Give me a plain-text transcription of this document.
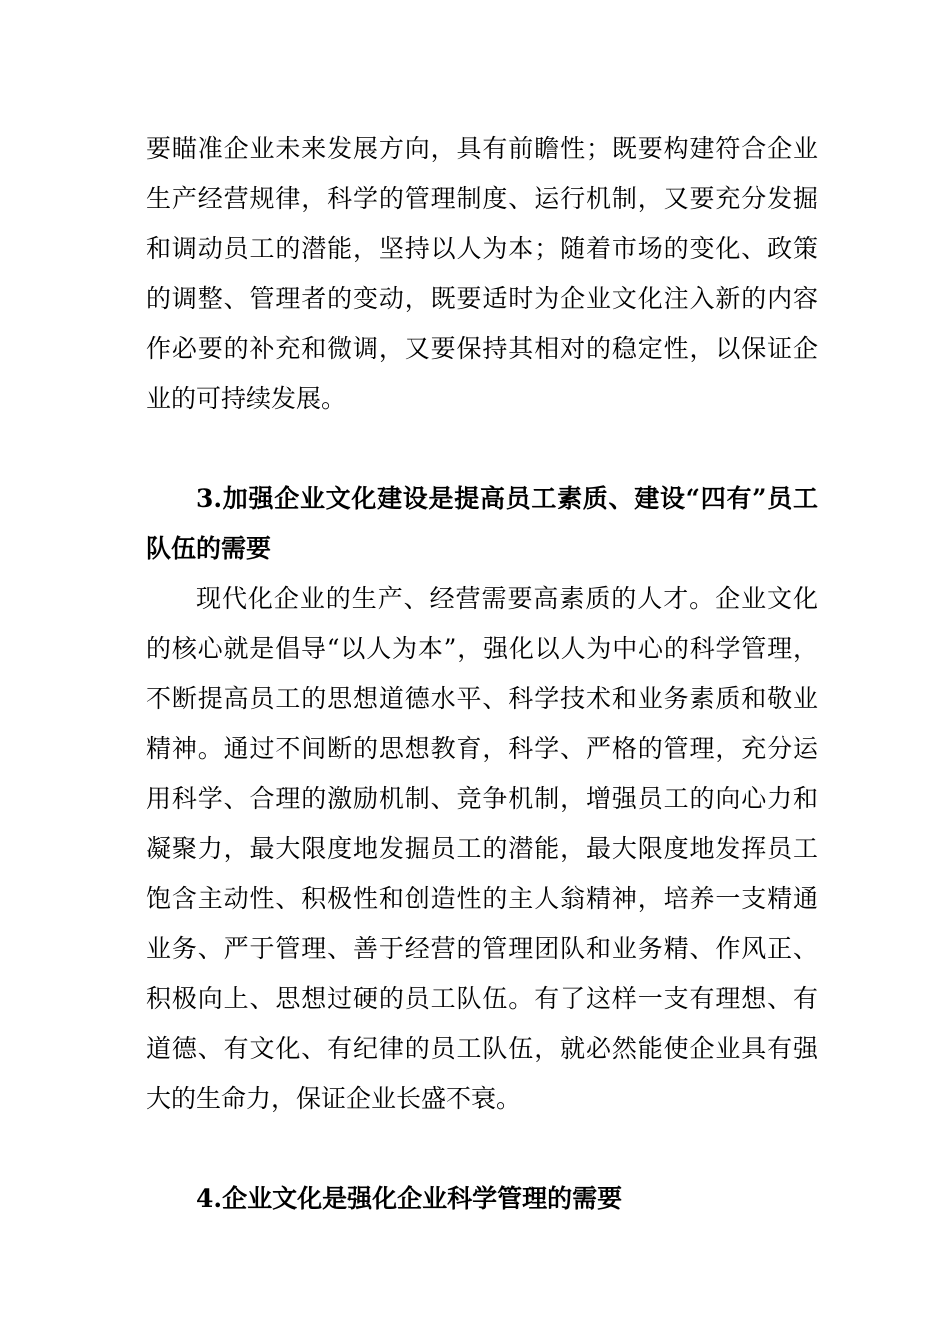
要瞄准企业未来发展方向，具有前瞻性；既要构建符合企业生产经营规律，科学的管理制度、运行机制，又要充分发掘和调动员工的潜能，坚持以人为本；随着市场的变化、政策的调整、管理者的变动，既要适时为企业文化注入新的内容作必要的补充和微调，又要保持其相对的稳定性，以保证企业的可持续发展。

3.加强企业文化建设是提高员工素质、建设“四有”员工队伍的需要

现代化企业的生产、经营需要高素质的人才。企业文化的核心就是倡导“以人为本”，强化以人为中心的科学管理，不断提高员工的思想道德水平、科学技术和业务素质和敬业精神。通过不间断的思想教育，科学、严格的管理，充分运用科学、合理的激励机制、竞争机制，增强员工的向心力和凝聚力，最大限度地发掘员工的潜能，最大限度地发挥员工饱含主动性、积极性和创造性的主人翁精神，培养一支精通业务、严于管理、善于经营的管理团队和业务精、作风正、积极向上、思想过硬的员工队伍。有了这样一支有理想、有道德、有文化、有纪律的员工队伍，就必然能使企业具有强大的生命力，保证企业长盛不衰。

4.企业文化是强化企业科学管理的需要
